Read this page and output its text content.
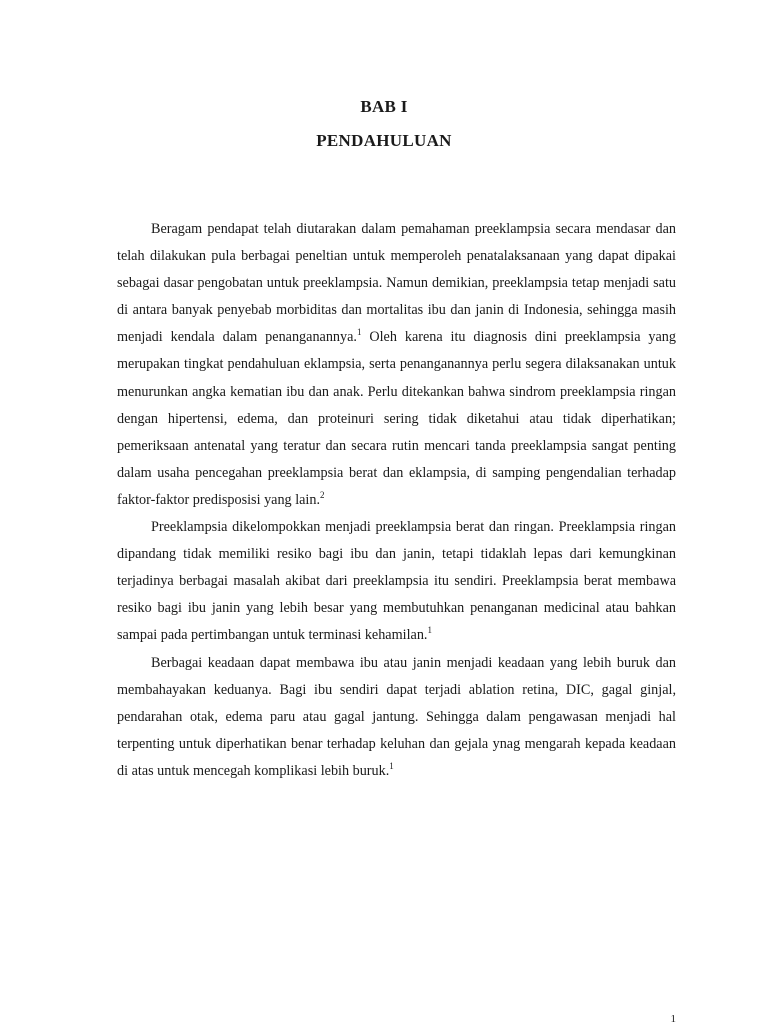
BAB I
PENDAHULUAN

Beragam pendapat telah diutarakan dalam pemahaman preeklampsia secara mendasar dan telah dilakukan pula berbagai peneltian untuk memperoleh penatalaksanaan yang dapat dipakai sebagai dasar pengobatan untuk preeklampsia. Namun demikian, preeklampsia tetap menjadi satu di antara banyak penyebab morbiditas dan mortalitas ibu dan janin di Indonesia, sehingga masih menjadi kendala dalam penanganannya.$^1$ Oleh karena itu diagnosis dini preeklampsia yang merupakan tingkat pendahuluan eklampsia, serta penanganannya perlu segera dilaksanakan untuk menurunkan angka kematian ibu dan anak. Perlu ditekankan bahwa sindrom preeklampsia ringan dengan hipertensi, edema, dan proteinuri sering tidak diketahui atau tidak diperhatikan; pemeriksaan antenatal yang teratur dan secara rutin mencari tanda preeklampsia sangat penting dalam usaha pencegahan preeklampsia berat dan eklampsia, di samping pengendalian terhadap faktor-faktor predisposisi yang lain.$^2$

Preeklampsia dikelompokkan menjadi preeklampsia berat dan ringan. Preeklampsia ringan dipandang tidak memiliki resiko bagi ibu dan janin, tetapi tidaklah lepas dari kemungkinan terjadinya berbagai masalah akibat dari preeklampsia itu sendiri. Preeklampsia berat membawa resiko bagi ibu janin yang lebih besar yang membutuhkan penanganan medicinal atau bahkan sampai pada pertimbangan untuk terminasi kehamilan.$^1$

Berbagai keadaan dapat membawa ibu atau janin menjadi keadaan yang lebih buruk dan membahayakan keduanya. Bagi ibu sendiri dapat terjadi ablation retina, DIC, gagal ginjal, pendarahan otak, edema paru atau gagal jantung. Sehingga dalam pengawasan menjadi hal terpenting untuk diperhatikan benar terhadap keluhan dan gejala ynag mengarah kepada keadaan di atas untuk mencegah komplikasi lebih buruk.$^1$

1
